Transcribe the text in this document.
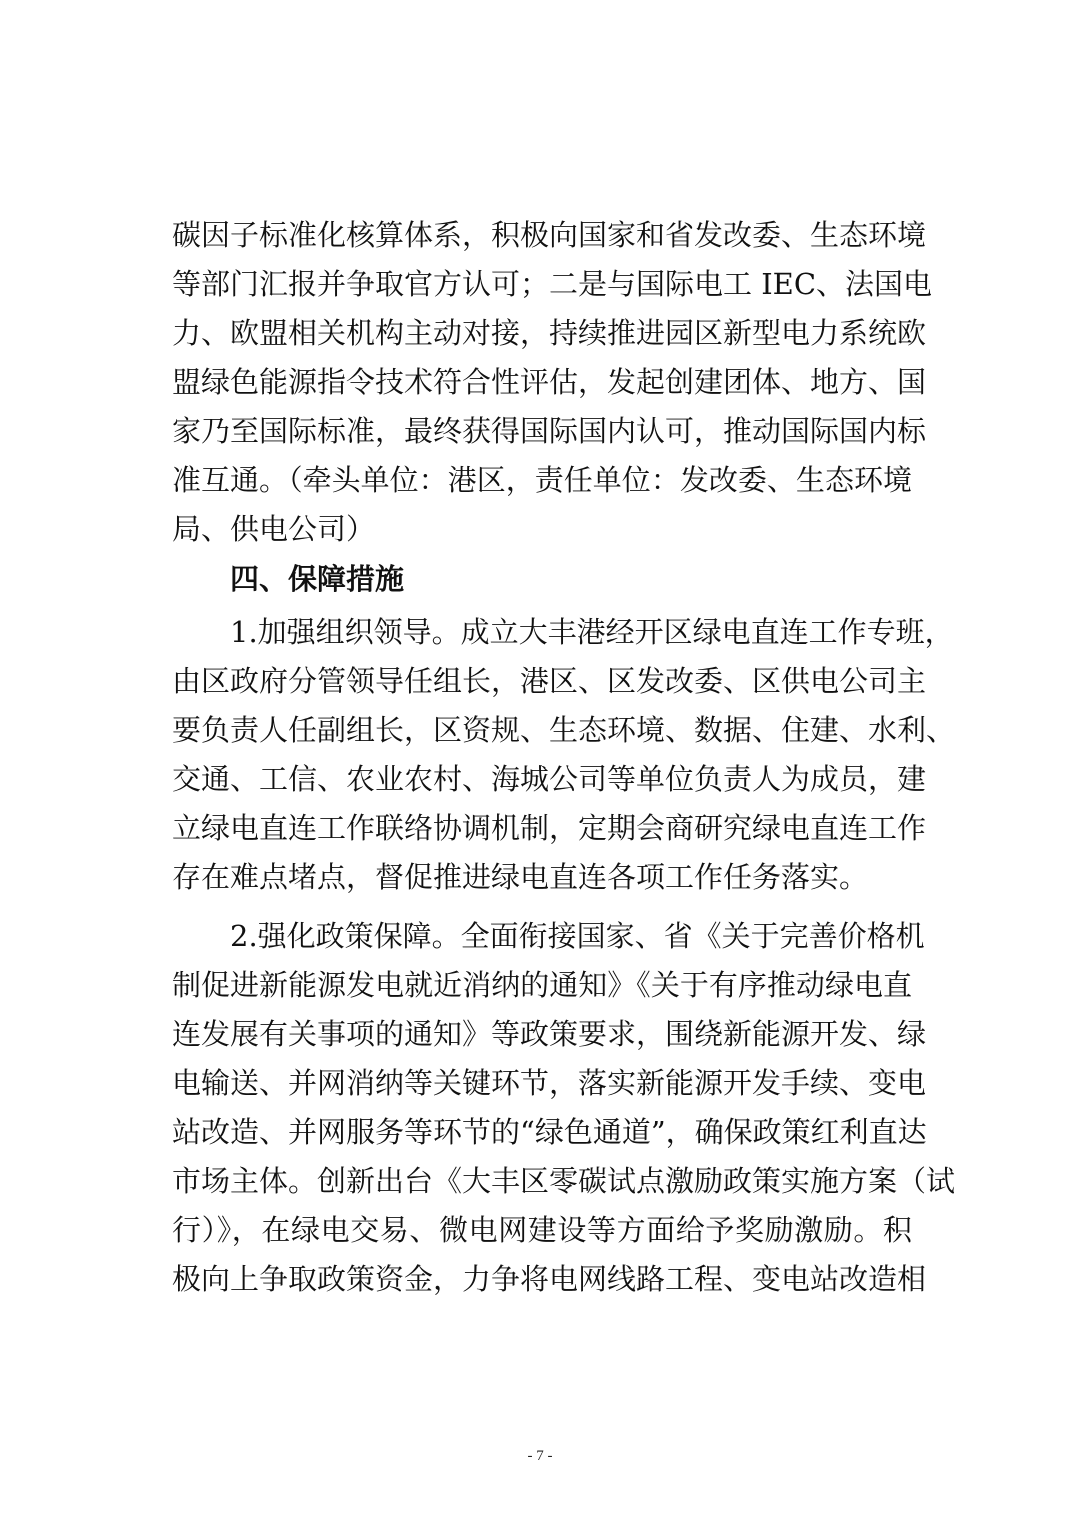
碳因子标准化核算体系，积极向国家和省发改委、生态环境
等部门汇报并争取官方认可；二是与国际电工 IEC、法国电
力、欧盟相关机构主动对接，持续推进园区新型电力系统欧
盟绿色能源指令技术符合性评估，发起创建团体、地方、国
家乃至国际标准，最终获得国际国内认可，推动国际国内标
准互通。（牵头单位：港区，责任单位：发改委、生态环境
局、供电公司）
四、保障措施
1.加强组织领导。成立大丰港经开区绿电直连工作专班，
由区政府分管领导任组长，港区、区发改委、区供电公司主
要负责人任副组长，区资规、生态环境、数据、住建、水利、
交通、工信、农业农村、海城公司等单位负责人为成员，建
立绿电直连工作联络协调机制，定期会商研究绿电直连工作
存在难点堵点，督促推进绿电直连各项工作任务落实。
2.强化政策保障。全面衔接国家、省《关于完善价格机
制促进新能源发电就近消纳的通知》《关于有序推动绿电直
连发展有关事项的通知》等政策要求，围绕新能源开发、绿
电输送、并网消纳等关键环节，落实新能源开发手续、变电
站改造、并网服务等环节的“绿色通道”，确保政策红利直达
市场主体。创新出台《大丰区零碳试点激励政策实施方案（试
行）》，在绿电交易、微电网建设等方面给予奖励激励。积
极向上争取政策资金，力争将电网线路工程、变电站改造相
- 7 -
